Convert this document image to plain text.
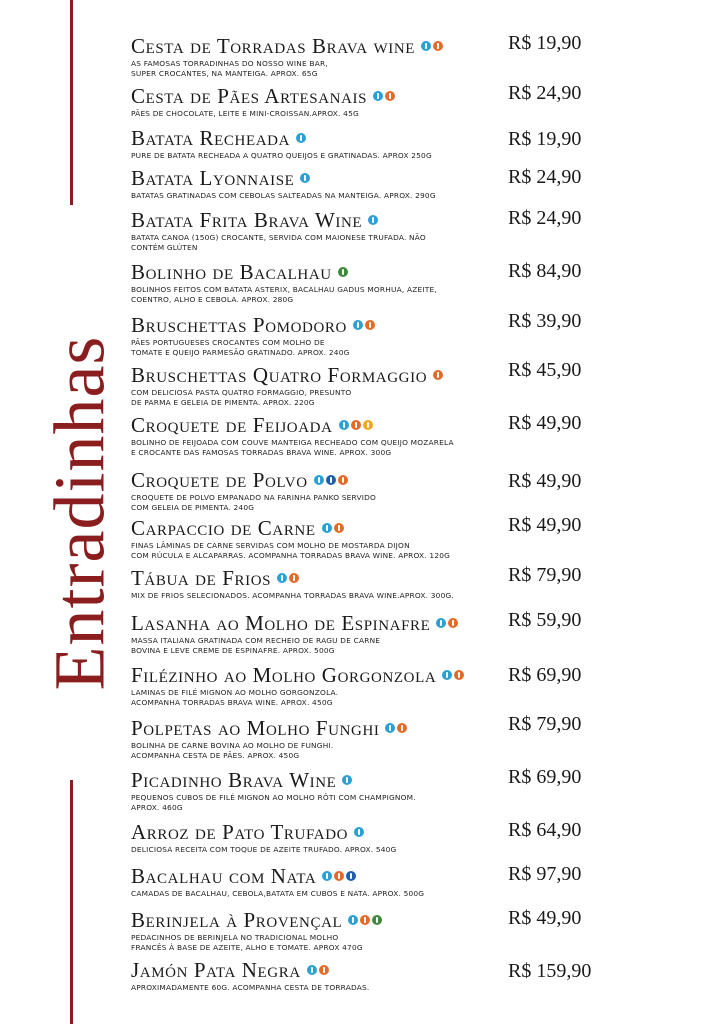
Entradinhas
Cesta de Torradas Brava wine
AS FAMOSAS TORRADINHAS DO NOSSO WINE BAR,
SUPER CROCANTES, NA MANTEIGA. APROX. 65G
R$ 19,90
Cesta de Pães Artesanais
PÃES DE CHOCOLATE, LEITE E MINI-CROISSAN.APROX. 45G
R$ 24,90
Batata Recheada
PURE DE BATATA RECHEADA A QUATRO QUEIJOS E GRATINADAS. APROX 250G
R$ 19,90
Batata Lyonnaise
BATATAS GRATINADAS COM CEBOLAS SALTEADAS NA MANTEIGA. APROX. 290G
R$ 24,90
Batata Frita Brava Wine
BATATA CANOA (150G) CROCANTE, SERVIDA COM MAIONESE TRUFADA. NÃO
CONTÉM GLÚTEN
R$ 24,90
Bolinho de Bacalhau
BOLINHOS FEITOS COM BATATA ASTERIX, BACALHAU GADUS MORHUA, AZEITE,
COENTRO, ALHO E CEBOLA. APROX. 280G
R$ 84,90
Bruschettas Pomodoro
PÃES PORTUGUESES CROCANTES COM MOLHO DE
TOMATE E QUEIJO PARMESÃO GRATINADO. APROX. 240G
R$ 39,90
Bruschettas Quatro Formaggio
COM DELICIOSA PASTA QUATRO FORMAGGIO, PRESUNTO
DE PARMA E GELEIA DE PIMENTA. APROX. 220G
R$ 45,90
Croquete de Feijoada
BOLINHO DE FEIJOADA COM COUVE MANTEIGA RECHEADO COM QUEIJO MOZARELA
E CROCANTE DAS FAMOSAS TORRADAS BRAVA WINE. APROX. 300G
R$ 49,90
Croquete de Polvo
CROQUETE DE POLVO EMPANADO NA FARINHA PANKO SERVIDO
COM GELEIA DE PIMENTA. 240G
R$ 49,90
Carpaccio de Carne
FINAS LÂMINAS DE CARNE SERVIDAS COM MOLHO DE MOSTARDA DIJON
COM RÚCULA E ALCAPARRAS. ACOMPANHA TORRADAS BRAVA WINE. APROX. 120G
R$ 49,90
Tábua de Frios
MIX DE FRIOS SELECIONADOS. ACOMPANHA TORRADAS BRAVA WINE.APROX. 300G.
R$ 79,90
Lasanha ao Molho de Espinafre
MASSA ITALIANA GRATINADA COM RECHEIO DE RAGU DE CARNE
BOVINA E LEVE CREME DE ESPINAFRE. APROX. 500G
R$ 59,90
Filézinho ao Molho Gorgonzola
LAMINAS DE FILÉ MIGNON AO MOLHO GORGONZOLA.
ACOMPANHA TORRADAS BRAVA WINE. APROX. 450G
R$ 69,90
Polpetas ao Molho Funghi
BOLINHA DE CARNE BOVINA AO MOLHO DE FUNGHI.
ACOMPANHA CESTA DE PÃES. APROX. 450G
R$ 79,90
Picadinho Brava Wine
PEQUENOS CUBOS DE FILÉ MIGNON AO MOLHO RÔTI COM CHAMPIGNOM.
APROX. 460G
R$ 69,90
Arroz de Pato Trufado
DELICIOSA RECEITA COM TOQUE DE AZEITE TRUFADO. APROX. 540G
R$ 64,90
Bacalhau com Nata
CAMADAS DE BACALHAU, CEBOLA,BATATA EM CUBOS E NATA. APROX. 500G
R$ 97,90
Berinjela à Provençal
PEDACINHOS DE BERINJELA NO TRADICIONAL MOLHO
FRANCÊS À BASE DE AZEITE, ALHO E TOMATE. APROX 470G
R$ 49,90
Jamón Pata Negra
APROXIMADAMENTE 60G. ACOMPANHA CESTA DE TORRADAS.
R$ 159,90
